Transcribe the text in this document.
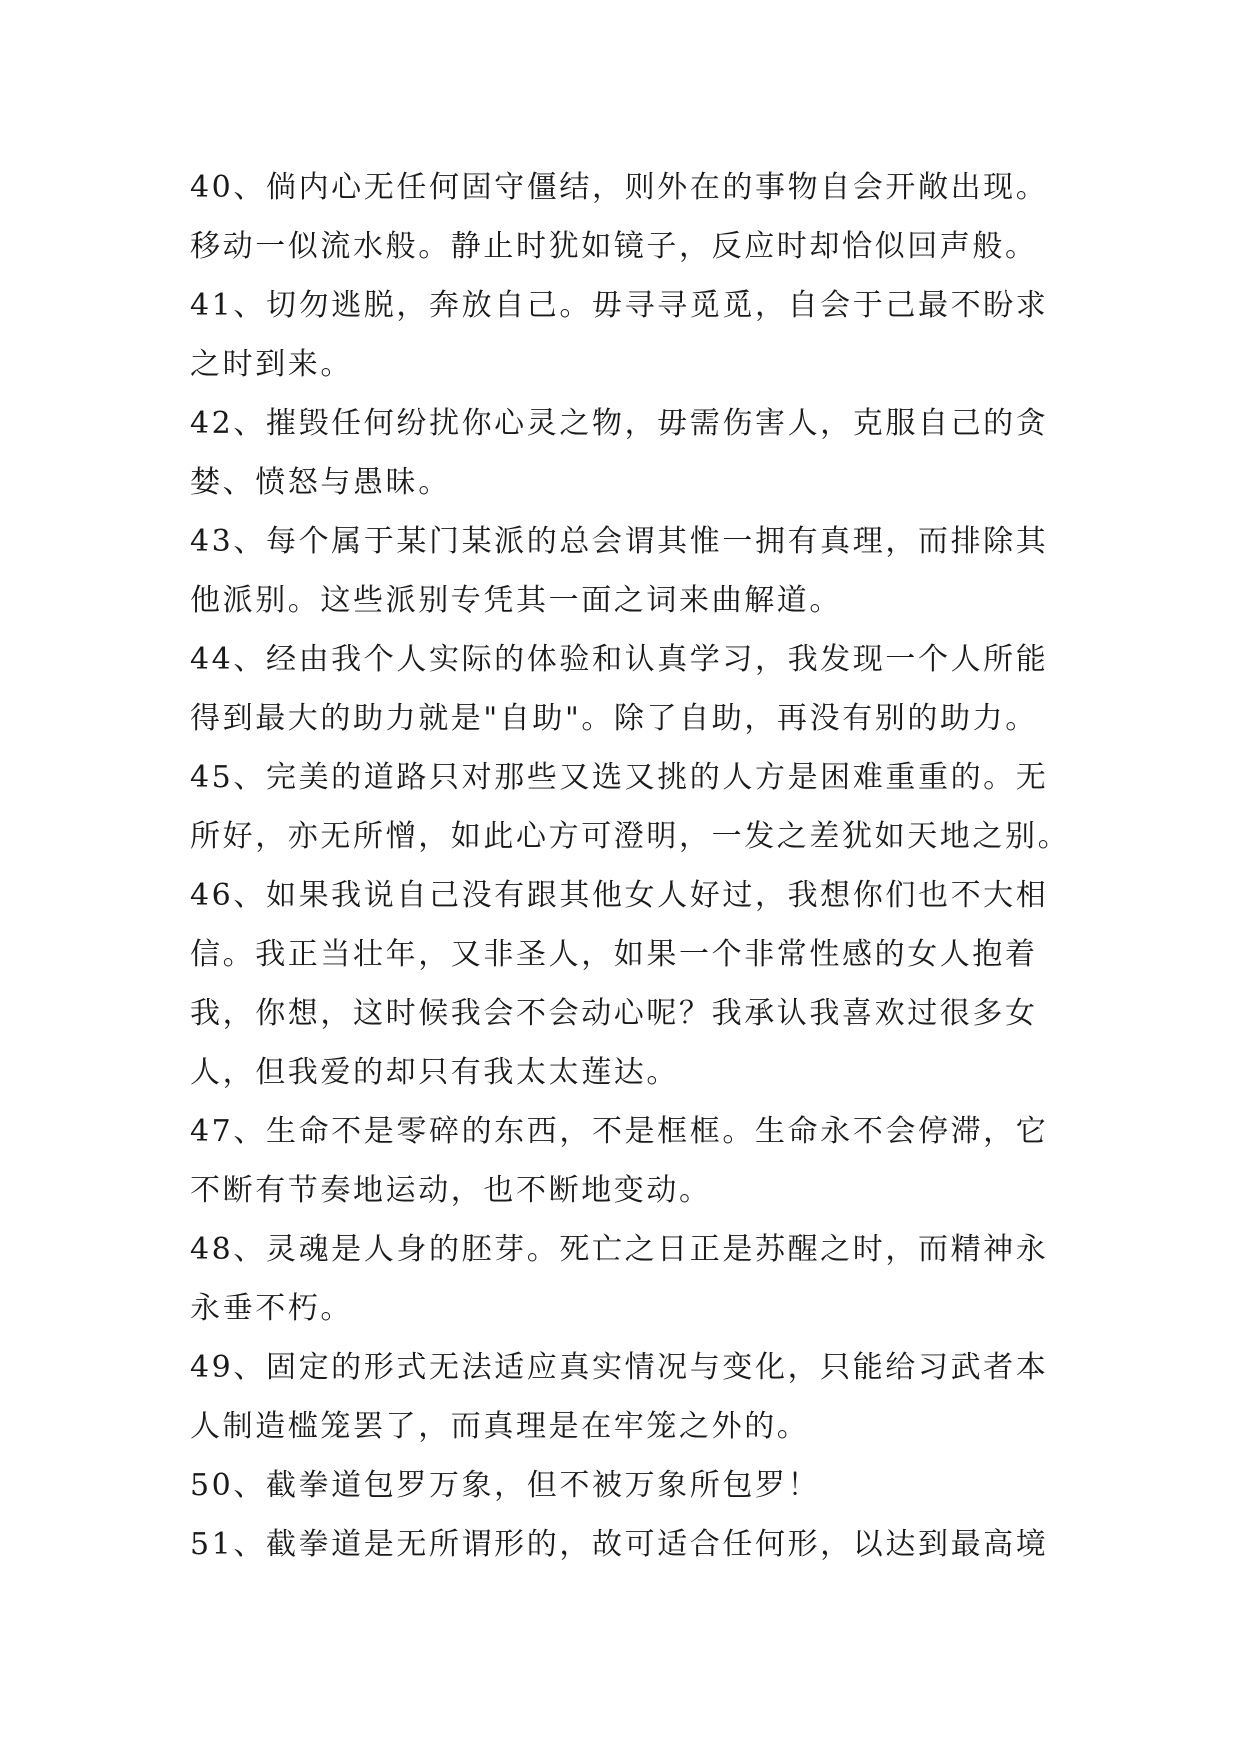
40、倘内心无任何固守僵结，则外在的事物自会开敞出现。
移动一似流水般。静止时犹如镜子，反应时却恰似回声般。
41、切勿逃脱，奔放自己。毋寻寻觅觅，自会于己最不盼求
之时到来。
42、摧毁任何纷扰你心灵之物，毋需伤害人，克服自己的贪
婪、愤怒与愚昧。
43、每个属于某门某派的总会谓其惟一拥有真理，而排除其
他派别。这些派别专凭其一面之词来曲解道。
44、经由我个人实际的体验和认真学习，我发现一个人所能
得到最大的助力就是"自助"。除了自助，再没有别的助力。
45、完美的道路只对那些又选又挑的人方是困难重重的。无
所好，亦无所憎，如此心方可澄明，一发之差犹如天地之别。
46、如果我说自己没有跟其他女人好过，我想你们也不大相
信。我正当壮年，又非圣人，如果一个非常性感的女人抱着
我，你想，这时候我会不会动心呢？我承认我喜欢过很多女
人，但我爱的却只有我太太莲达。
47、生命不是零碎的东西，不是框框。生命永不会停滞，它
不断有节奏地运动，也不断地变动。
48、灵魂是人身的胚芽。死亡之日正是苏醒之时，而精神永
永垂不朽。
49、固定的形式无法适应真实情况与变化，只能给习武者本
人制造槛笼罢了，而真理是在牢笼之外的。
50、截拳道包罗万象，但不被万象所包罗！
51、截拳道是无所谓形的，故可适合任何形，以达到最高境
